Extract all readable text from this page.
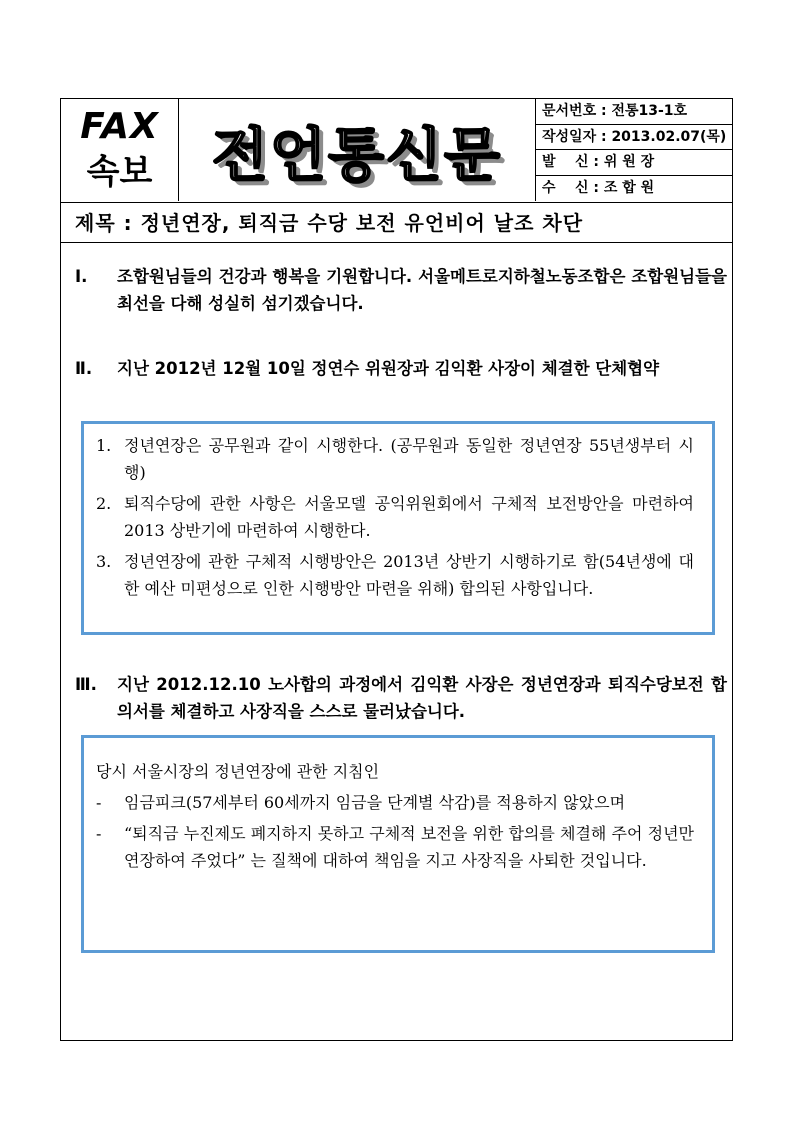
FAX
속보	전언통신문
문서번호 : 전통13-1호
작성일자 : 2013.02.07(목)
발    신 : 위 원 장
수    신 : 조 합 원
제목 : 정년연장, 퇴직금 수당 보전 유언비어 날조 차단
Ⅰ.	조합원님들의 건강과 행복을 기원합니다. 서울메트로지하철노동조합은 조합원님들을 최선을 다해 성실히 섬기겠습니다.
Ⅱ.	지난 2012년 12월 10일 정연수 위원장과 김익환 사장이 체결한 단체협약
1. 정년연장은 공무원과 같이 시행한다. (공무원과 동일한 정년연장 55년생부터 시행)
2. 퇴직수당에 관한 사항은 서울모델 공익위원회에서 구체적 보전방안을 마련하여 2013 상반기에 마련하여 시행한다.
3. 정년연장에 관한 구체적 시행방안은 2013년 상반기 시행하기로 함(54년생에 대한 예산 미편성으로 인한 시행방안 마련을 위해) 합의된 사항입니다.
Ⅲ.	지난 2012.12.10 노사합의 과정에서 김익환 사장은 정년연장과 퇴직수당보전 합의서를 체결하고 사장직을 스스로 물러났습니다.
당시 서울시장의 정년연장에 관한 지침인
- 임금피크(57세부터 60세까지 임금을 단계별 삭감)를 적용하지 않았으며
- “퇴직금 누진제도 폐지하지 못하고 구체적 보전을 위한 합의를 체결해 주어 정년만 연장하여 주었다” 는 질책에 대하여 책임을 지고 사장직을 사퇴한 것입니다.
